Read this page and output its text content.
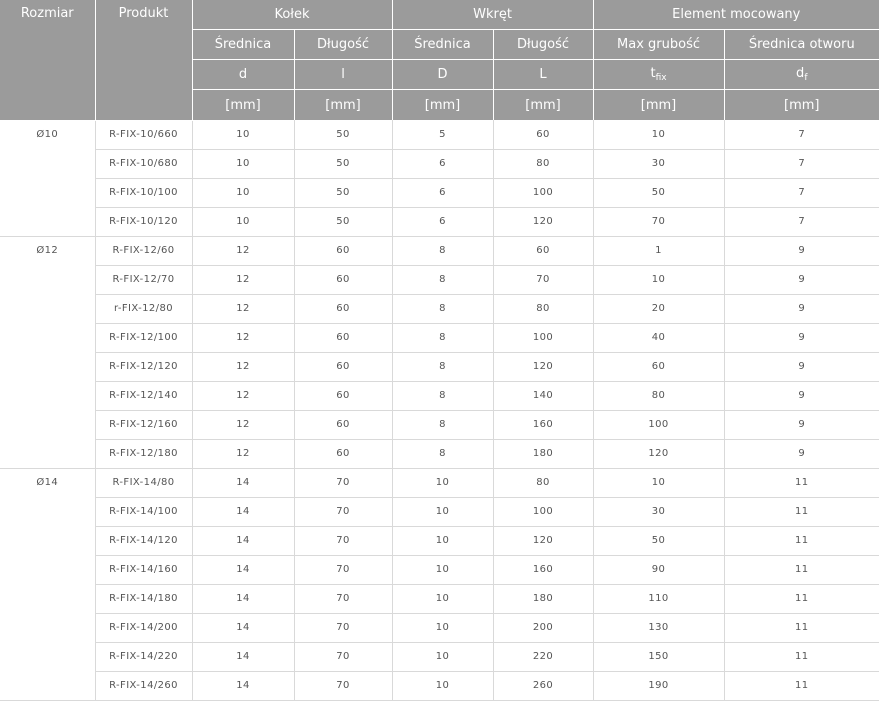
Rozmiar	Produkt	Kołek		Wkręt		Element mocowany	
		Średnica	Długość	Średnica	Długość	Max grubość	Średnica otworu
		d	l	D	L	$t_{fix}$	$d_f$
		[mm]	[mm]	[mm]	[mm]	[mm]	[mm]
Ø10	R-FIX-10/660	10	50	5	60	10	7
	R-FIX-10/680	10	50	6	80	30	7
	R-FIX-10/100	10	50	6	100	50	7
	R-FIX-10/120	10	50	6	120	70	7
Ø12	R-FIX-12/60	12	60	8	60	1	9
	R-FIX-12/70	12	60	8	70	10	9
	r-FIX-12/80	12	60	8	80	20	9
	R-FIX-12/100	12	60	8	100	40	9
	R-FIX-12/120	12	60	8	120	60	9
	R-FIX-12/140	12	60	8	140	80	9
	R-FIX-12/160	12	60	8	160	100	9
	R-FIX-12/180	12	60	8	180	120	9
Ø14	R-FIX-14/80	14	70	10	80	10	11
	R-FIX-14/100	14	70	10	100	30	11
	R-FIX-14/120	14	70	10	120	50	11
	R-FIX-14/160	14	70	10	160	90	11
	R-FIX-14/180	14	70	10	180	110	11
	R-FIX-14/200	14	70	10	200	130	11
	R-FIX-14/220	14	70	10	220	150	11
	R-FIX-14/260	14	70	10	260	190	11
